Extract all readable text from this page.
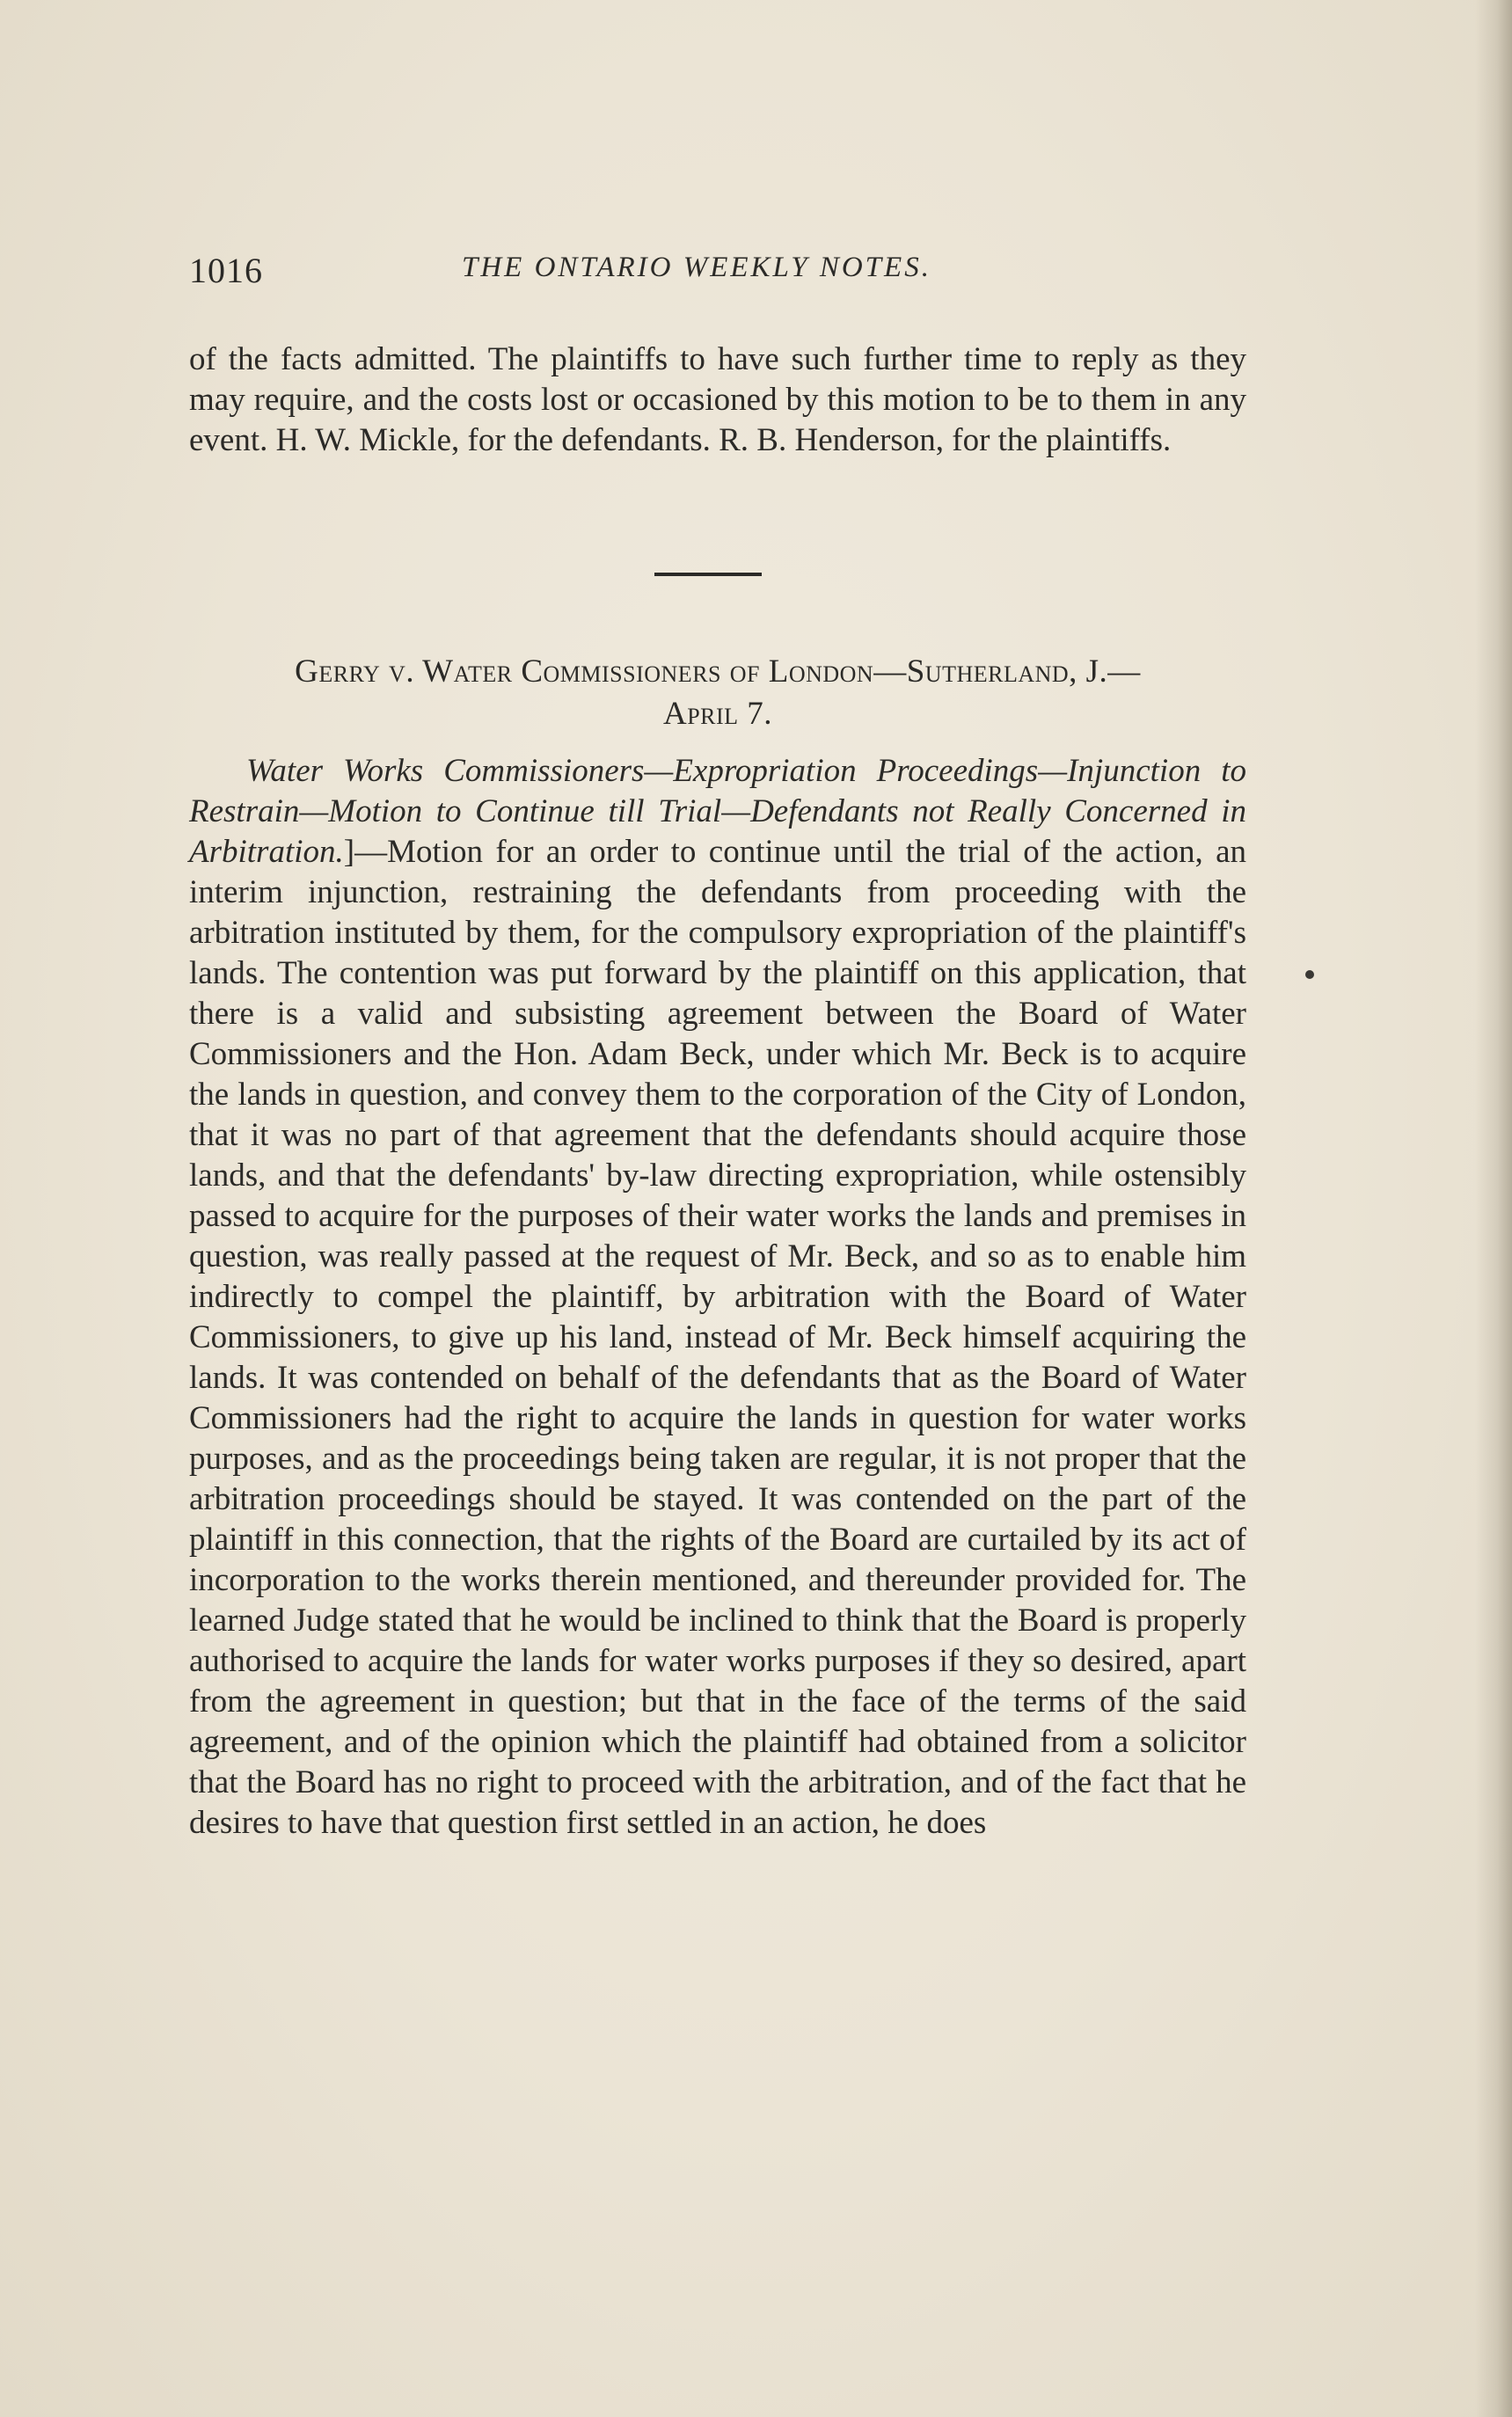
1016	THE ONTARIO WEEKLY NOTES.

of the facts admitted. The plaintiffs to have such further time to reply as they may require, and the costs lost or occasioned by this motion to be to them in any event. H. W. Mickle, for the defendants. R. B. Henderson, for the plaintiffs.

Gerry v. Water Commissioners of London—Sutherland, J.—
April 7.

Water Works Commissioners—Expropriation Proceedings—Injunction to Restrain—Motion to Continue till Trial—Defendants not Really Concerned in Arbitration.]—Motion for an order to continue until the trial of the action, an interim injunction, restraining the defendants from proceeding with the arbitration instituted by them, for the compulsory expropriation of the plaintiff's lands. The contention was put forward by the plaintiff on this application, that there is a valid and subsisting agreement between the Board of Water Commissioners and the Hon. Adam Beck, under which Mr. Beck is to acquire the lands in question, and convey them to the corporation of the City of London, that it was no part of that agreement that the defendants should acquire those lands, and that the defendants' by-law directing expropriation, while ostensibly passed to acquire for the purposes of their water works the lands and premises in question, was really passed at the request of Mr. Beck, and so as to enable him indirectly to compel the plaintiff, by arbitration with the Board of Water Commissioners, to give up his land, instead of Mr. Beck himself acquiring the lands. It was contended on behalf of the defendants that as the Board of Water Commissioners had the right to acquire the lands in question for water works purposes, and as the proceedings being taken are regular, it is not proper that the arbitration proceedings should be stayed. It was contended on the part of the plaintiff in this connection, that the rights of the Board are curtailed by its act of incorporation to the works therein mentioned, and thereunder provided for. The learned Judge stated that he would be inclined to think that the Board is properly authorised to acquire the lands for water works purposes if they so desired, apart from the agreement in question; but that in the face of the terms of the said agreement, and of the opinion which the plaintiff had obtained from a solicitor that the Board has no right to proceed with the arbitration, and of the fact that he desires to have that question first settled in an action, he does
